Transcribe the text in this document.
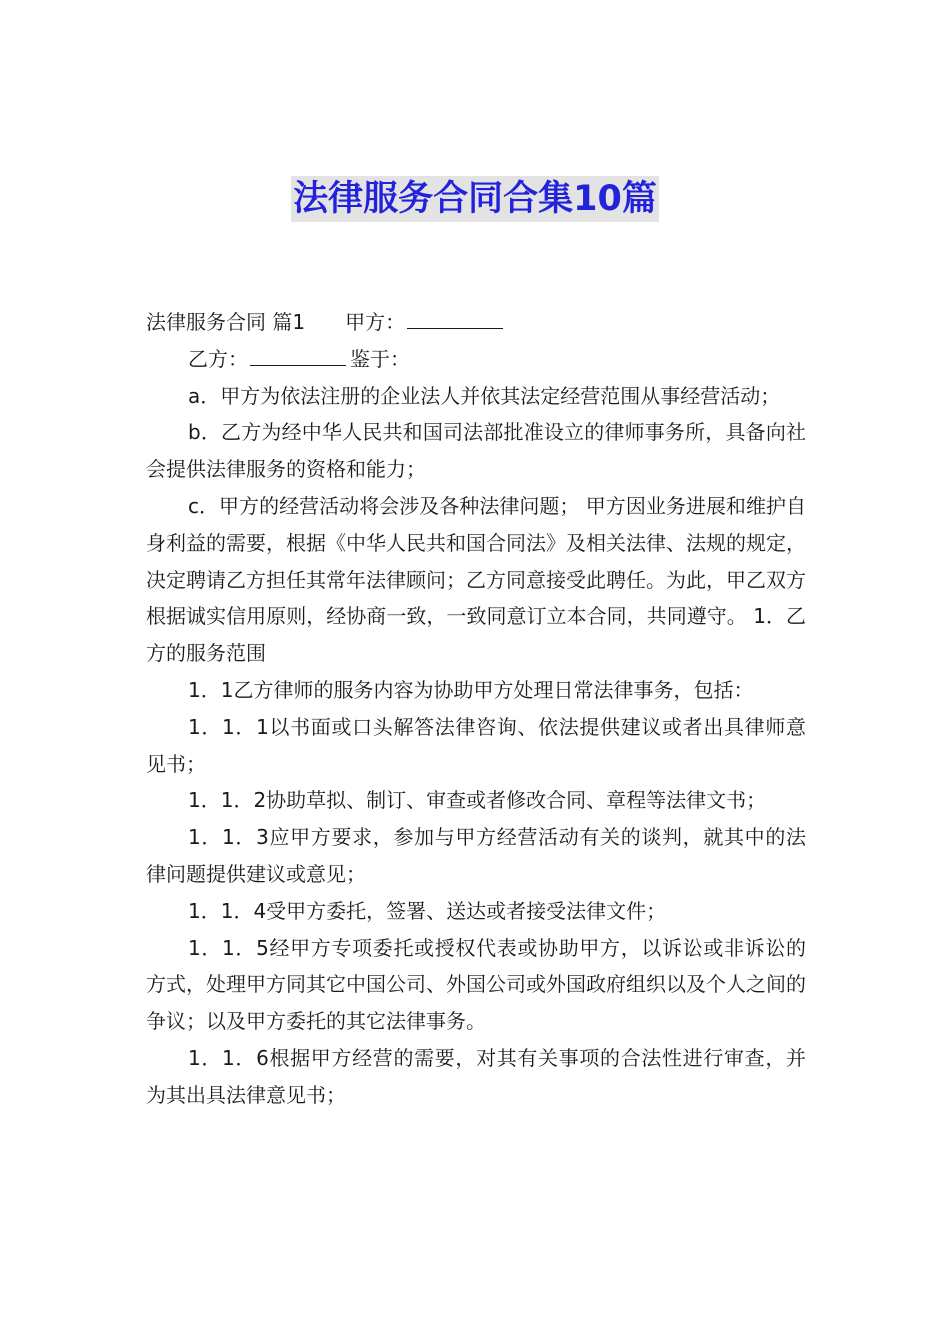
法律服务合同合集10篇

法律服务合同 篇1 甲方：

乙方：	鉴于：

a．甲方为依法注册的企业法人并依其法定经营范围从事经营活动；

b．乙方为经中华人民共和国司法部批准设立的律师事务所，具备向社会提供法律服务的资格和能力；

c．甲方的经营活动将会涉及各种法律问题； 甲方因业务进展和维护自身利益的需要，根据《中华人民共和国合同法》及相关法律、法规的规定，决定聘请乙方担任其常年法律顾问；乙方同意接受此聘任。为此，甲乙双方根据诚实信用原则，经协商一致，一致同意订立本合同，共同遵守。 1．乙方的服务范围

1．1乙方律师的服务内容为协助甲方处理日常法律事务，包括：

1．1．1以书面或口头解答法律咨询、依法提供建议或者出具律师意见书；

1．1．2协助草拟、制订、审查或者修改合同、章程等法律文书；

1．1．3应甲方要求，参加与甲方经营活动有关的谈判，就其中的法律问题提供建议或意见；

1．1．4受甲方委托，签署、送达或者接受法律文件；

1．1．5经甲方专项委托或授权代表或协助甲方，以诉讼或非诉讼的方式，处理甲方同其它中国公司、外国公司或外国政府组织以及个人之间的争议；以及甲方委托的其它法律事务。

1．1．6根据甲方经营的需要，对其有关事项的合法性进行审查，并为其出具法律意见书；
